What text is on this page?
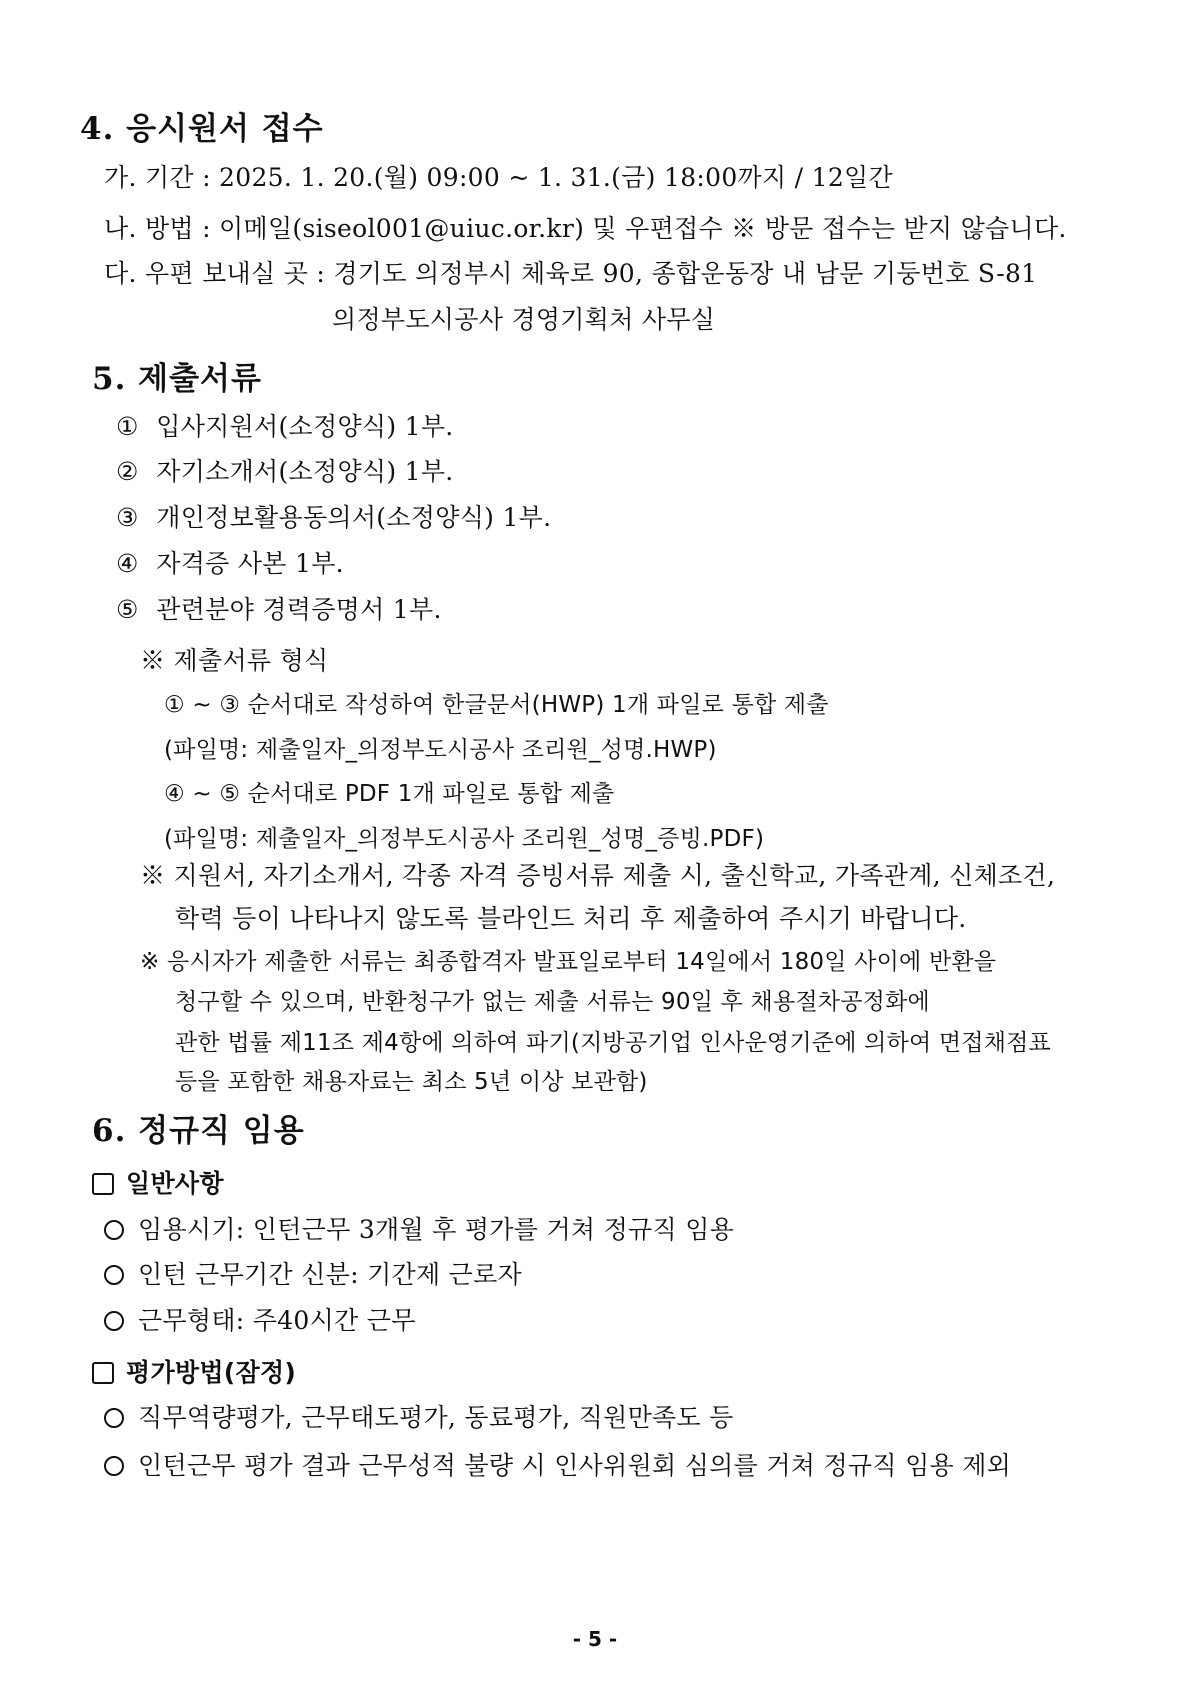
4. 응시원서 접수
가. 기간 : 2025. 1. 20.(월) 09:00 ~ 1. 31.(금) 18:00까지 / 12일간
나. 방법 : 이메일(siseol001@uiuc.or.kr) 및 우편접수 ※ 방문 접수는 받지 않습니다.
다. 우편 보내실 곳 : 경기도 의정부시 체육로 90, 종합운동장 내 남문 기둥번호 S-81
의정부도시공사 경영기획처 사무실
5. 제출서류
① 입사지원서(소정양식) 1부.
② 자기소개서(소정양식) 1부.
③ 개인정보활용동의서(소정양식) 1부.
④ 자격증 사본 1부.
⑤ 관련분야 경력증명서 1부.
※ 제출서류 형식
① ~ ③ 순서대로 작성하여 한글문서(HWP) 1개 파일로 통합 제출
(파일명: 제출일자_의정부도시공사 조리원_성명.HWP)
④ ~ ⑤ 순서대로 PDF 1개 파일로 통합 제출
(파일명: 제출일자_의정부도시공사 조리원_성명_증빙.PDF)
※ 지원서, 자기소개서, 각종 자격 증빙서류 제출 시, 출신학교, 가족관계, 신체조건,
학력 등이 나타나지 않도록 블라인드 처리 후 제출하여 주시기 바랍니다.
※ 응시자가 제출한 서류는 최종합격자 발표일로부터 14일에서 180일 사이에 반환을
청구할 수 있으며, 반환청구가 없는 제출 서류는 90일 후 채용절차공정화에
관한 법률 제11조 제4항에 의하여 파기(지방공기업 인사운영기준에 의하여 면접채점표
등을 포함한 채용자료는 최소 5년 이상 보관함)
6. 정규직 임용
일반사항
임용시기: 인턴근무 3개월 후 평가를 거쳐 정규직 임용
인턴 근무기간 신분: 기간제 근로자
근무형태: 주40시간 근무
평가방법(잠정)
직무역량평가, 근무태도평가, 동료평가, 직원만족도 등
인턴근무 평가 결과 근무성적 불량 시 인사위원회 심의를 거쳐 정규직 임용 제외
- 5 -
